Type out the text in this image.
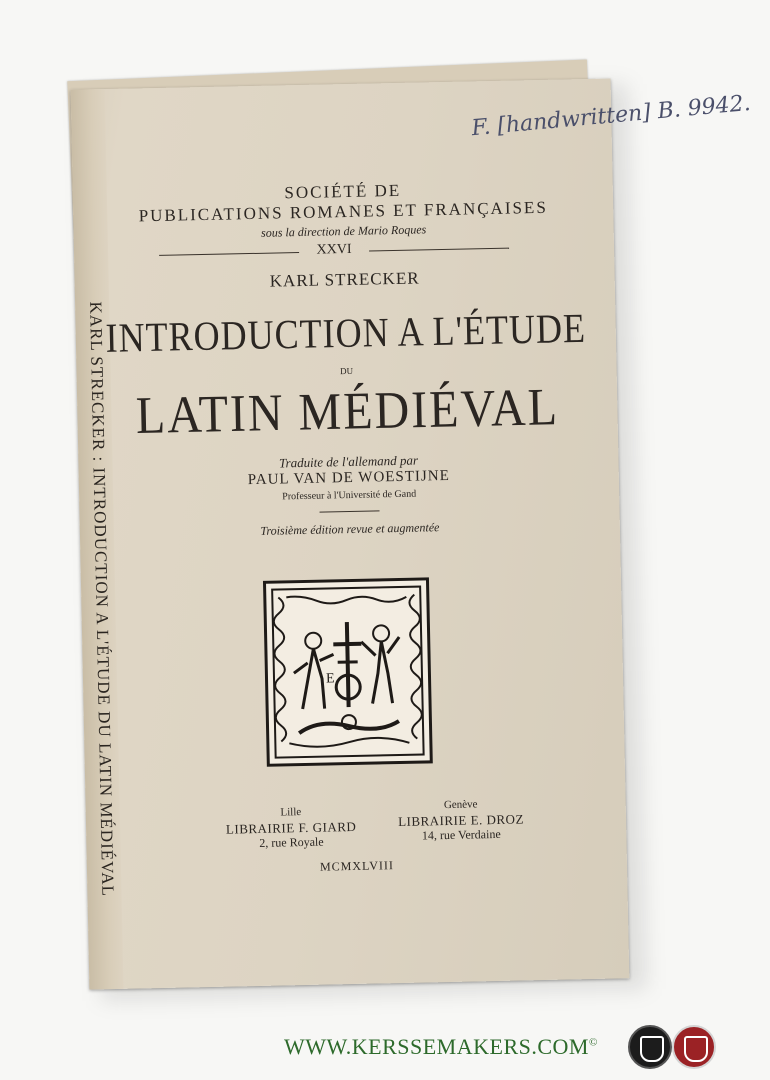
KARL STRECKER : INTRODUCTION A L'ÉTUDE DU LATIN MÉDIÉVAL
F. [handwritten] B. 9942.
SOCIÉTÉ DE
PUBLICATIONS ROMANES ET FRANÇAISES
sous la direction de Mario Roques
XXVI
KARL STRECKER
INTRODUCTION A L'ÉTUDE
DU
LATIN MÉDIÉVAL
Traduite de l'allemand par
PAUL VAN DE WOESTIJNE
Professeur à l'Université de Gand
Troisième édition revue et augmentée
E
Lille
LIBRAIRIE F. GIARD
2, rue Royale
Genève
LIBRAIRIE E. DROZ
14, rue Verdaine
MCMXLVIII
WWW.KERSSEMAKERS.COM©
